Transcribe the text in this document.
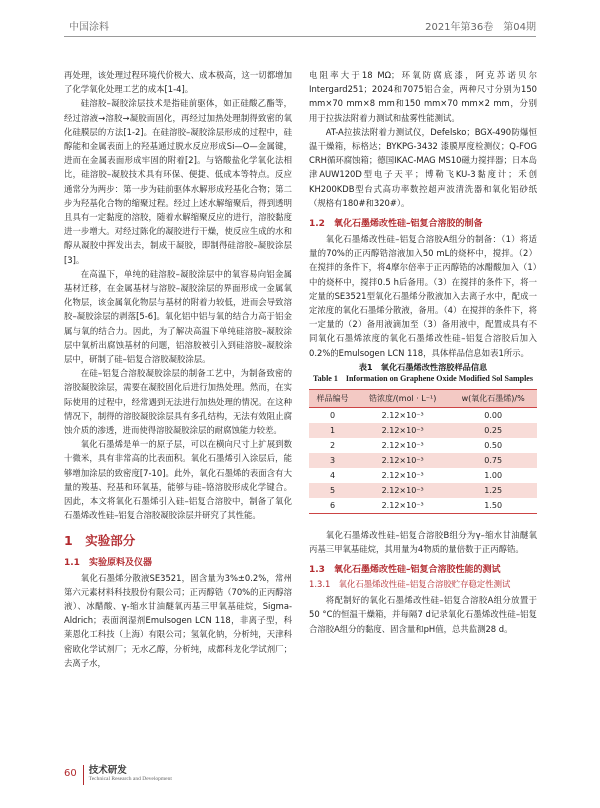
中国涂料	2021年第36卷　第04期

再处理，该处理过程环境代价极大、成本极高，这一切都增加了化学氧化处理工艺的成本[1-4]。

硅溶胶–凝胶涂层技术是指硅前驱体，如正硅酸乙酯等，经过溶液→溶胶→凝胶而固化，再经过加热处理制得致密的氧化硅膜层的方法[1-2]。在硅溶胶–凝胶涂层形成的过程中，硅醇能和金属表面上的羟基通过脱水反应形成Si—O—金属键，进而在金属表面形成牢固的附着[2]。与铬酸盐化学氧化法相比，硅溶胶–凝胶技术具有环保、便捷、低成本等特点。反应通常分为两步：第一步为硅前驱体水解形成羟基化合物；第二步为羟基化合物的缩聚过程。经过上述水解缩聚后，得到透明且具有一定黏度的溶胶，随着水解缩聚反应的进行，溶胶黏度进一步增大。对经过陈化的凝胶进行干燥，使反应生成的水和醇从凝胶中挥发出去，制成干凝胶，即制得硅溶胶–凝胶涂层[3]。

在高温下，单纯的硅溶胶–凝胶涂层中的氧容易向铝金属基材迁移，在金属基材与溶胶–凝胶涂层的界面形成一金属氧化物层，该金属氧化物层与基材的附着力较低，进而会导致溶胶–凝胶涂层的剥落[5-6]。氧化铝中铝与氧的结合力高于铝金属与氧的结合力。因此，为了解决高温下单纯硅溶胶–凝胶涂层中氧析出腐蚀基材的问题，铝溶胶被引入到硅溶胶–凝胶涂层中，研制了硅–铝复合溶胶凝胶涂层。

在硅–铝复合溶胶凝胶涂层的制备工艺中，为制备致密的溶胶凝胶涂层，需要在凝胶固化后进行加热处理。然而，在实际使用的过程中，经常遇到无法进行加热处理的情况。在这种情况下，制得的溶胶凝胶涂层具有多孔结构，无法有效阻止腐蚀介质的渗透，进而使得溶胶凝胶涂层的耐腐蚀能力较差。

氧化石墨烯是单一的原子层，可以在横向尺寸上扩展到数十微米，具有非常高的比表面积。氧化石墨烯引入涂层后，能够增加涂层的致密度[7-10]。此外，氧化石墨烯的表面含有大量的羧基、羟基和环氧基，能够与硅–铬溶胶形成化学键合。因此，本文将氧化石墨烯引入硅–铝复合溶胶中，制备了氧化石墨烯改性硅–铝复合溶胶凝胶涂层并研究了其性能。

1　实验部分
1.1　实验原料及仪器

氧化石墨烯分散液SE3521，固含量为3%±0.2%，常州第六元素材料科技股份有限公司；正丙醇锆（70%的正丙醇溶液）、冰醋酸、γ-缩水甘油醚氧丙基三甲氧基硅烷，Sigma-Aldrich；表面润湿剂Emulsogen LCN 118，非离子型，科莱恩化工科技（上海）有限公司；氢氧化钠，分析纯，天津科密欧化学试剂厂；无水乙醇，分析纯，成都科龙化学试剂厂；去离子水，

电阻率大于18 MΩ；环氧防腐底漆，阿克苏诺贝尔Intergard251；2024和7075铝合金，两种尺寸分别为150 mm×70 mm×8 mm和150 mm×70 mm×2 mm，分别用于拉拔法附着力测试和盐雾性能测试。

AT-A拉拔法附着力测试仪，Defelsko；BGX-490防爆恒温干燥箱，标格达；BYKPG-3432 漆膜厚度检测仪；Q-FOG CRH循环腐蚀箱；德国IKAC-MAG MS10磁力搅拌器；日本岛津AUW120D型电子天平；博勒飞KU-3黏度计；禾创KH200KDB型台式高功率数控超声波清洗器和氧化铝砂纸（规格有180#和320#）。

1.2　氧化石墨烯改性硅–铝复合溶胶的制备

氧化石墨烯改性硅–铝复合溶胶A组分的制备：（1）将适量的70%的正丙醇锆溶液加入50 mL的烧杯中，搅拌。（2）在搅拌的条件下，将4摩尔倍率于正丙醇锆的冰醋酸加入（1）中的烧杯中，搅拌0.5 h后备用。（3）在搅拌的条件下，将一定量的SE3521型氧化石墨烯分散液加入去离子水中，配成一定浓度的氧化石墨烯分散液，备用。（4）在搅拌的条件下，将一定量的（2）备用液滴加至（3）备用液中，配置成具有不同氧化石墨烯浓度的氧化石墨烯改性硅–铝复合溶胶后加入0.2%的Emulsogen LCN 118，具体样品信息如表1所示。

表1　氧化石墨烯改性溶胶样品信息
Table 1　Information on Graphene Oxide Modified Sol Samples
样品编号	锆浓度/(mol · L⁻¹)	w(氧化石墨烯)/%
0	2.12×10⁻³	0.00
1	2.12×10⁻³	0.25
2	2.12×10⁻³	0.50
3	2.12×10⁻³	0.75
4	2.12×10⁻³	1.00
5	2.12×10⁻³	1.25
6	2.12×10⁻³	1.50

氧化石墨烯改性硅–铝复合溶胶B组分为γ–缩水甘油醚氧丙基三甲氧基硅烷，其用量为4物质的量倍数于正丙醇锆。

1.3　氧化石墨烯改性硅–铝复合溶胶性能的测试
1.3.1　氧化石墨烯改性硅–铝复合溶胶贮存稳定性测试

将配制好的氧化石墨烯改性硅–铝复合溶胶A组分放置于50 °C的恒温干燥箱，并每隔7 d记录氧化石墨烯改性硅–铝复合溶胶A组分的黏度、固含量和pH值，总共监测28 d。

60 技术研发
Technical Research and Development
